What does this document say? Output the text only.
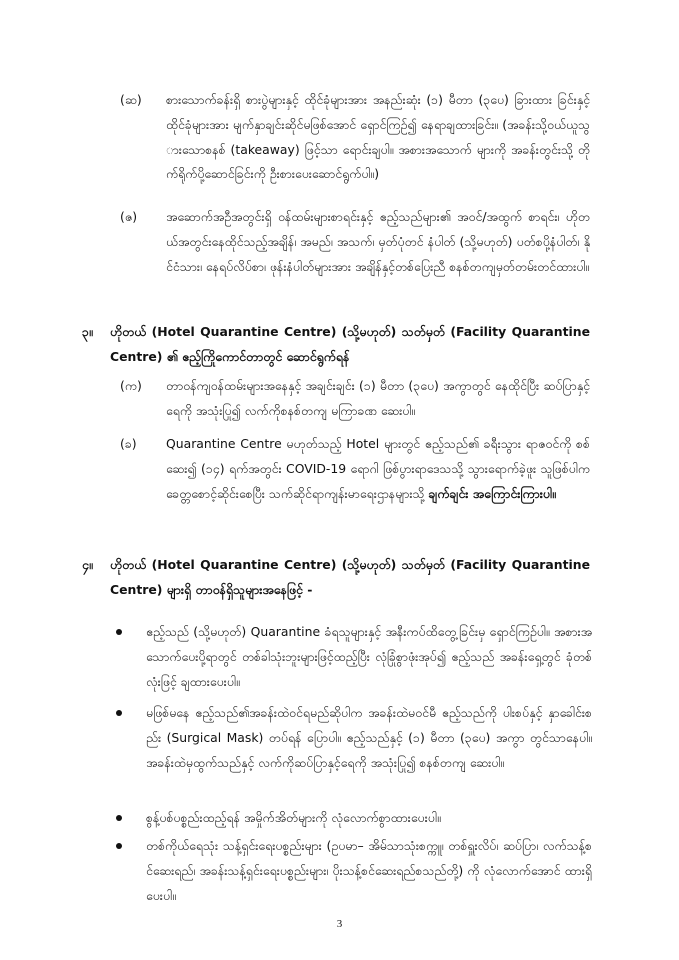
(ဆ)	စားသောက်ခန်းရှိ စားပွဲများနှင့် ထိုင်ခုံများအား အနည်းဆုံး (၁) မီတာ (၃ပေ) ခြားထား ခြင်းနှင့် ထိုင်ခုံများအား မျက်နှာချင်းဆိုင်မဖြစ်အောင် ရှောင်ကြဉ်၍ နေရာချထားခြင်း။ (အခန်းသို့ဝယ်ယူသွားသောစနစ် (takeaway) ဖြင့်သာ ရောင်းချပါ။ အစားအသောက် များကို အခန်းတွင်းသို့ တိုက်ရိုက်ပို့ဆောင်ခြင်းကို ဦးစားပေးဆောင်ရွက်ပါ။)
(ဇ)	အဆောက်အဦအတွင်းရှိ ဝန်ထမ်းများစာရင်းနှင့် ဧည့်သည်များ၏ အဝင်/အထွက် စာရင်း၊ ဟိုတယ်အတွင်းနေထိုင်သည့်အချိန်၊ အမည်၊ အသက်၊ မှတ်ပုံတင် နံပါတ် (သို့မဟုတ်) ပတ်စပို့နံပါတ်၊ နိုင်ငံသား၊ နေရပ်လိပ်စာ၊ ဖုန်းနံပါတ်များအား အချိန်နှင့်တစ်ပြေးညီ စနစ်တကျမှတ်တမ်းတင်ထားပါ။
၃။	ဟိုတယ် (Hotel Quarantine Centre) (သို့မဟုတ်) သတ်မှတ် (Facility Quarantine Centre) ၏ ဧည့်ကြိုကောင်တာတွင် ဆောင်ရွက်ရန်
(က)	တာဝန်ကျဝန်ထမ်းများအနေနှင့် အချင်းချင်း (၁) မီတာ (၃ပေ) အကွာတွင် နေထိုင်ပြီး ဆပ်ပြာနှင့်ရေကို အသုံးပြု၍ လက်ကိုစနစ်တကျ မကြာခဏ ဆေးပါ။
(ခ)	Quarantine Centre မဟုတ်သည့် Hotel များတွင် ဧည့်သည်၏ ခရီးသွား ရာဇဝင်ကို စစ်ဆေး၍ (၁၄) ရက်အတွင်း COVID-19 ရောဂါ ဖြစ်ပွားရာဒေသသို့ သွားရောက်ခဲ့ဖူး သူဖြစ်ပါက ခေတ္တစောင့်ဆိုင်းစေပြီး သက်ဆိုင်ရာကျန်းမာရေးဌာနများသို့ ချက်ချင်း အကြောင်းကြားပါ။
၄။	ဟိုတယ် (Hotel Quarantine Centre) (သို့မဟုတ်) သတ်မှတ် (Facility Quarantine Centre) များရှိ တာဝန်ရှိသူများအနေဖြင့် -
ဧည့်သည် (သို့မဟုတ်) Quarantine ခံရသူများနှင့် အနီးကပ်ထိတွေ့ခြင်းမှ ရှောင်ကြဉ်ပါ။ အစားအသောက်ပေးပို့ရာတွင် တစ်ခါသုံးဘူးများဖြင့်ထည့်ပြီး လုံခြုံစွာဖုံးအုပ်၍ ဧည့်သည် အခန်းရှေ့တွင် ခုံတစ်လုံးဖြင့် ချထားပေးပါ။
မဖြစ်မနေ ဧည့်သည်၏အခန်းထဲဝင်ရမည်ဆိုပါက အခန်းထဲမဝင်မီ ဧည့်သည်ကို ပါးစပ်နှင့် နှာခေါင်းစည်း (Surgical Mask) တပ်ရန် ပြောပါ။ ဧည့်သည်နှင့် (၁) မီတာ (၃ပေ) အကွာ တွင်သာနေပါ။ အခန်းထဲမှထွက်သည်နှင့် လက်ကိုဆပ်ပြာနှင့်ရေကို အသုံးပြု၍ စနစ်တကျ ဆေးပါ။
စွန့်ပစ်ပစ္စည်းထည့်ရန် အမှိုက်အိတ်များကို လုံလောက်စွာထားပေးပါ။
တစ်ကိုယ်ရေသုံး သန့်ရှင်းရေးပစ္စည်းများ (ဥပမာ– အိမ်သာသုံးစက္ကူ၊ တစ်ရှူးလိပ်၊ ဆပ်ပြာ၊ လက်သန့်စင်ဆေးရည်၊ အခန်းသန့်ရှင်းရေးပစ္စည်းများ၊ ပိုးသန့်စင်ဆေးရည်စသည်တို့) ကို လုံလောက်အောင် ထားရှိပေးပါ။
3
